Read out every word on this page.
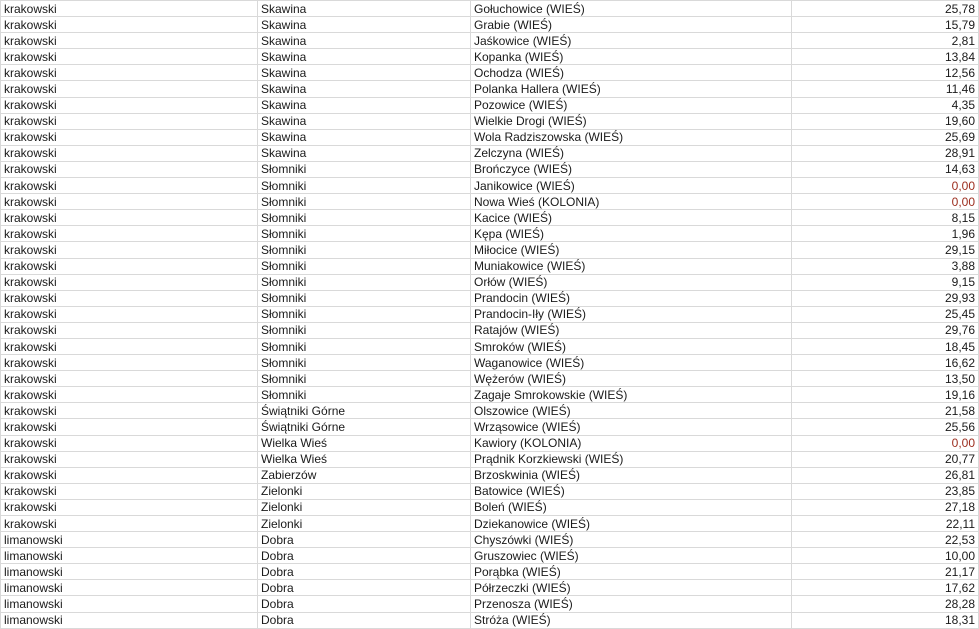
krakowski	Skawina	Gołuchowice (WIEŚ)	25,78
krakowski	Skawina	Grabie (WIEŚ)	15,79
krakowski	Skawina	Jaśkowice (WIEŚ)	2,81
krakowski	Skawina	Kopanka (WIEŚ)	13,84
krakowski	Skawina	Ochodza (WIEŚ)	12,56
krakowski	Skawina	Polanka Hallera (WIEŚ)	11,46
krakowski	Skawina	Pozowice (WIEŚ)	4,35
krakowski	Skawina	Wielkie Drogi (WIEŚ)	19,60
krakowski	Skawina	Wola Radziszowska (WIEŚ)	25,69
krakowski	Skawina	Zelczyna (WIEŚ)	28,91
krakowski	Słomniki	Brończyce (WIEŚ)	14,63
krakowski	Słomniki	Janikowice (WIEŚ)	0,00
krakowski	Słomniki	Nowa Wieś (KOLONIA)	0,00
krakowski	Słomniki	Kacice (WIEŚ)	8,15
krakowski	Słomniki	Kępa (WIEŚ)	1,96
krakowski	Słomniki	Miłocice (WIEŚ)	29,15
krakowski	Słomniki	Muniakowice (WIEŚ)	3,88
krakowski	Słomniki	Orłów (WIEŚ)	9,15
krakowski	Słomniki	Prandocin (WIEŚ)	29,93
krakowski	Słomniki	Prandocin-Iły (WIEŚ)	25,45
krakowski	Słomniki	Ratajów (WIEŚ)	29,76
krakowski	Słomniki	Smroków (WIEŚ)	18,45
krakowski	Słomniki	Waganowice (WIEŚ)	16,62
krakowski	Słomniki	Wężerów (WIEŚ)	13,50
krakowski	Słomniki	Zagaje Smrokowskie (WIEŚ)	19,16
krakowski	Świątniki Górne	Olszowice (WIEŚ)	21,58
krakowski	Świątniki Górne	Wrząsowice (WIEŚ)	25,56
krakowski	Wielka Wieś	Kawiory (KOLONIA)	0,00
krakowski	Wielka Wieś	Prądnik Korzkiewski (WIEŚ)	20,77
krakowski	Zabierzów	Brzoskwinia (WIEŚ)	26,81
krakowski	Zielonki	Batowice (WIEŚ)	23,85
krakowski	Zielonki	Boleń (WIEŚ)	27,18
krakowski	Zielonki	Dziekanowice (WIEŚ)	22,11
limanowski	Dobra	Chyszówki (WIEŚ)	22,53
limanowski	Dobra	Gruszowiec (WIEŚ)	10,00
limanowski	Dobra	Porąbka (WIEŚ)	21,17
limanowski	Dobra	Półrzeczki (WIEŚ)	17,62
limanowski	Dobra	Przenosza (WIEŚ)	28,28
limanowski	Dobra	Stróża (WIEŚ)	18,31
